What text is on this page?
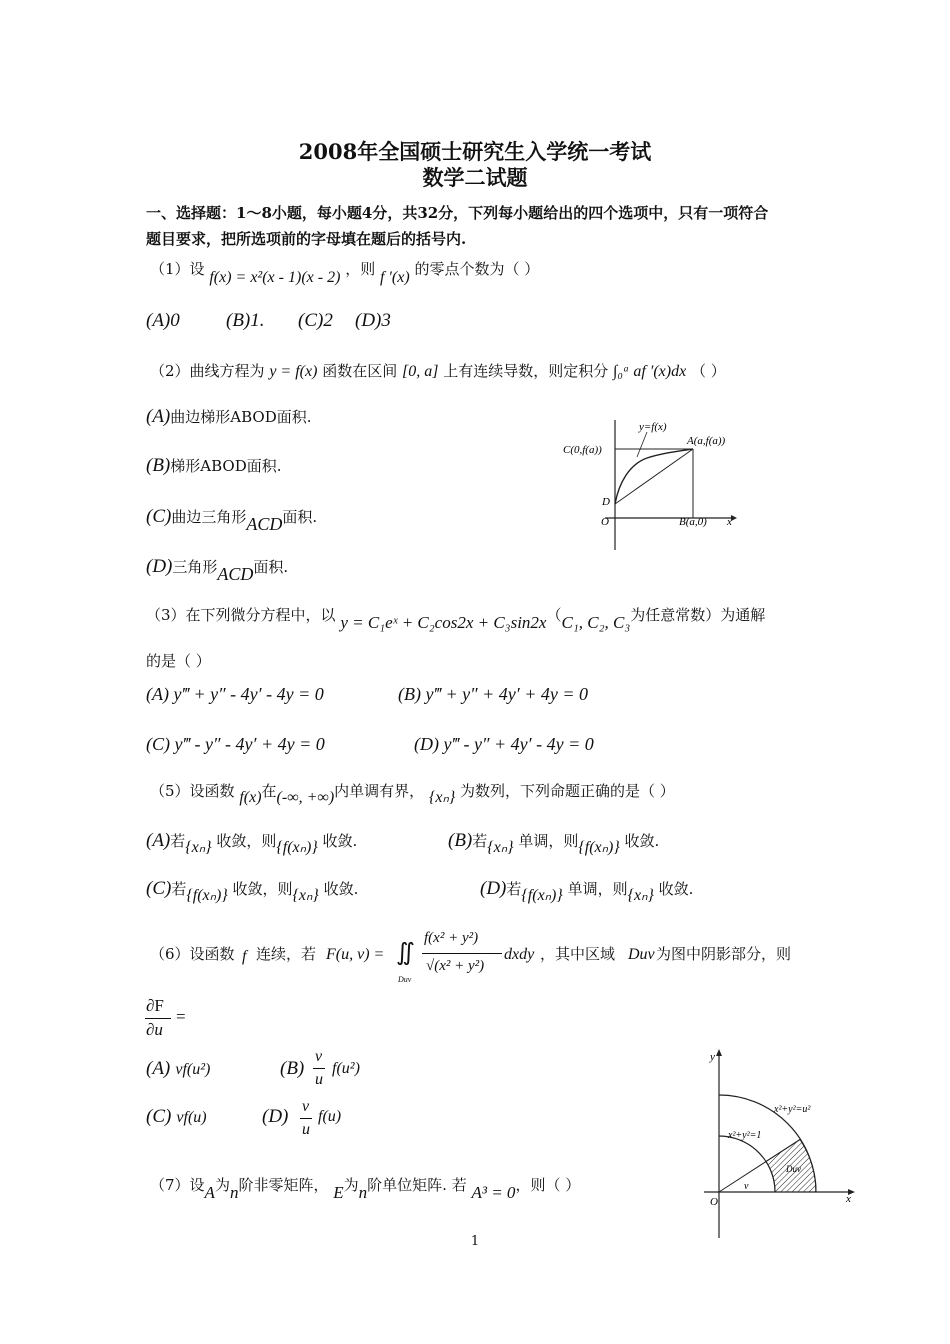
2008年全国硕士研究生入学统一考试
数学二试题
一、选择题：1～8小题，每小题4分，共32分，下列每小题给出的四个选项中，只有一项符合
题目要求，把所选项前的字母填在题后的括号内.
（1）设 f(x) = x²(x - 1)(x - 2) ，则 f ′(x) 的零点个数为（ ）
(A)0 (B)1. (C)2 (D)3
（2）曲线方程为 y = f(x) 函数在区间 [0, a] 上有连续导数，则定积分 ∫₀ᵃ af ′(x)dx （ ）
(A)曲边梯形ABOD面积.
(B)梯形ABOD面积.
(C)曲边三角形ACD面积.
(D)三角形ACD面积.
y=f(x)
A(a,f(a))
C(0,f(a))
D
O	B(a,0) x
（3）在下列微分方程中，以 y = C₁eˣ + C₂cos2x + C₃sin2x（C₁, C₂, C₃为任意常数）为通解
的是（ ）
(A) y‴ + y″ - 4y′ - 4y = 0	(B) y‴ + y″ + 4y′ + 4y = 0
(C) y‴ - y″ - 4y′ + 4y = 0	(D) y‴ - y″ + 4y′ - 4y = 0
（5）设函数 f(x)在(-∞, +∞)内单调有界， {xₙ} 为数列，下列命题正确的是（ ）
(A)若{xₙ} 收敛，则{f(xₙ)} 收敛.	(B)若{xₙ} 单调，则{f(xₙ)} 收敛.
(C)若{f(xₙ)} 收敛，则{xₙ} 收敛.	(D)若{f(xₙ)} 单调，则{xₙ} 收敛.
（6）设函数 f 连续，若 F(u, v) = ∬
Duv
f(x² + y²)
√(x² + y²)
dxdy ，其中区域 Duv 为图中阴影部分，则
∂F
∂u
=
(A) vf(u²)	(B)
v
u
f(u²)
(C) vf(u)	(D) v
u
f(u)
y
x
O
x²+y²=u²
x²+y²=1
v
Duv
（7）设A为n阶非零矩阵， E为n阶单位矩阵. 若 A³ = 0，则（ ）
1
